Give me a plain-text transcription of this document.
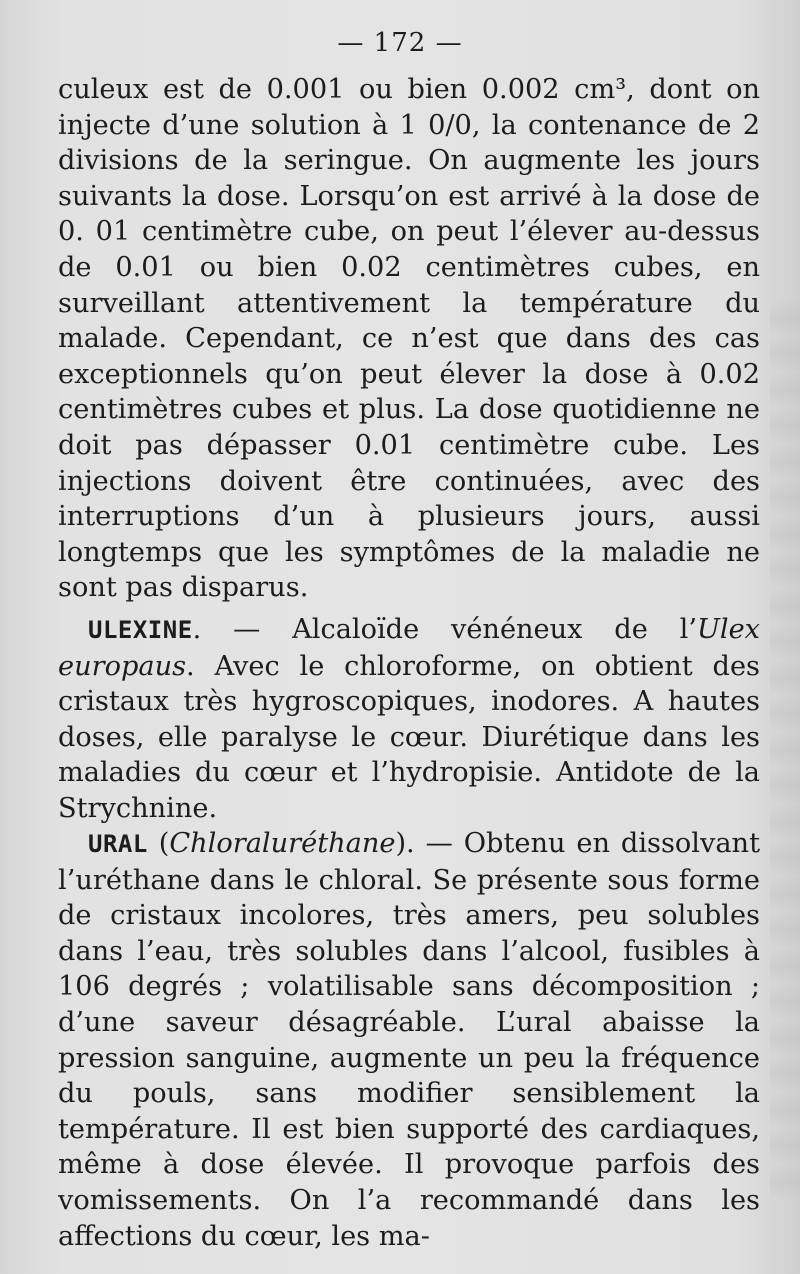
— 172 —

culeux est de 0.001 ou bien 0.002 cm³, dont on injecte d’une solution à 1 0/0, la contenance de 2 divisions de la seringue. On augmente les jours suivants la dose. Lorsqu’on est arrivé à la dose de 0. 01 centimètre cube, on peut l’élever au-dessus de 0.01 ou bien 0.02 centimètres cubes, en surveillant attentivement la température du malade. Cependant, ce n’est que dans des cas exceptionnels qu’on peut élever la dose à 0.02 centimètres cubes et plus. La dose quotidienne ne doit pas dépasser 0.01 centimètre cube. Les injections doivent être continuées, avec des interruptions d’un à plusieurs jours, aussi longtemps que les symptômes de la maladie ne sont pas disparus.

ULEXINE. — Alcaloïde vénéneux de l’Ulex europaus. Avec le chloroforme, on obtient des cristaux très hygroscopiques, inodores. A hautes doses, elle paralyse le cœur. Diurétique dans les maladies du cœur et l’hydropisie. Antidote de la Strychnine.

URAL (Chloraluréthane). — Obtenu en dissolvant l’uréthane dans le chloral. Se présente sous forme de cristaux incolores, très amers, peu solubles dans l’eau, très solubles dans l’alcool, fusibles à 106 degrés ; volatilisable sans décomposition ; d’une saveur désagréable. L’ural abaisse la pression sanguine, augmente un peu la fréquence du pouls, sans modifier sensiblement la température. Il est bien supporté des cardiaques, même à dose élevée. Il provoque parfois des vomissements. On l’a recommandé dans les affections du cœur, les ma-
